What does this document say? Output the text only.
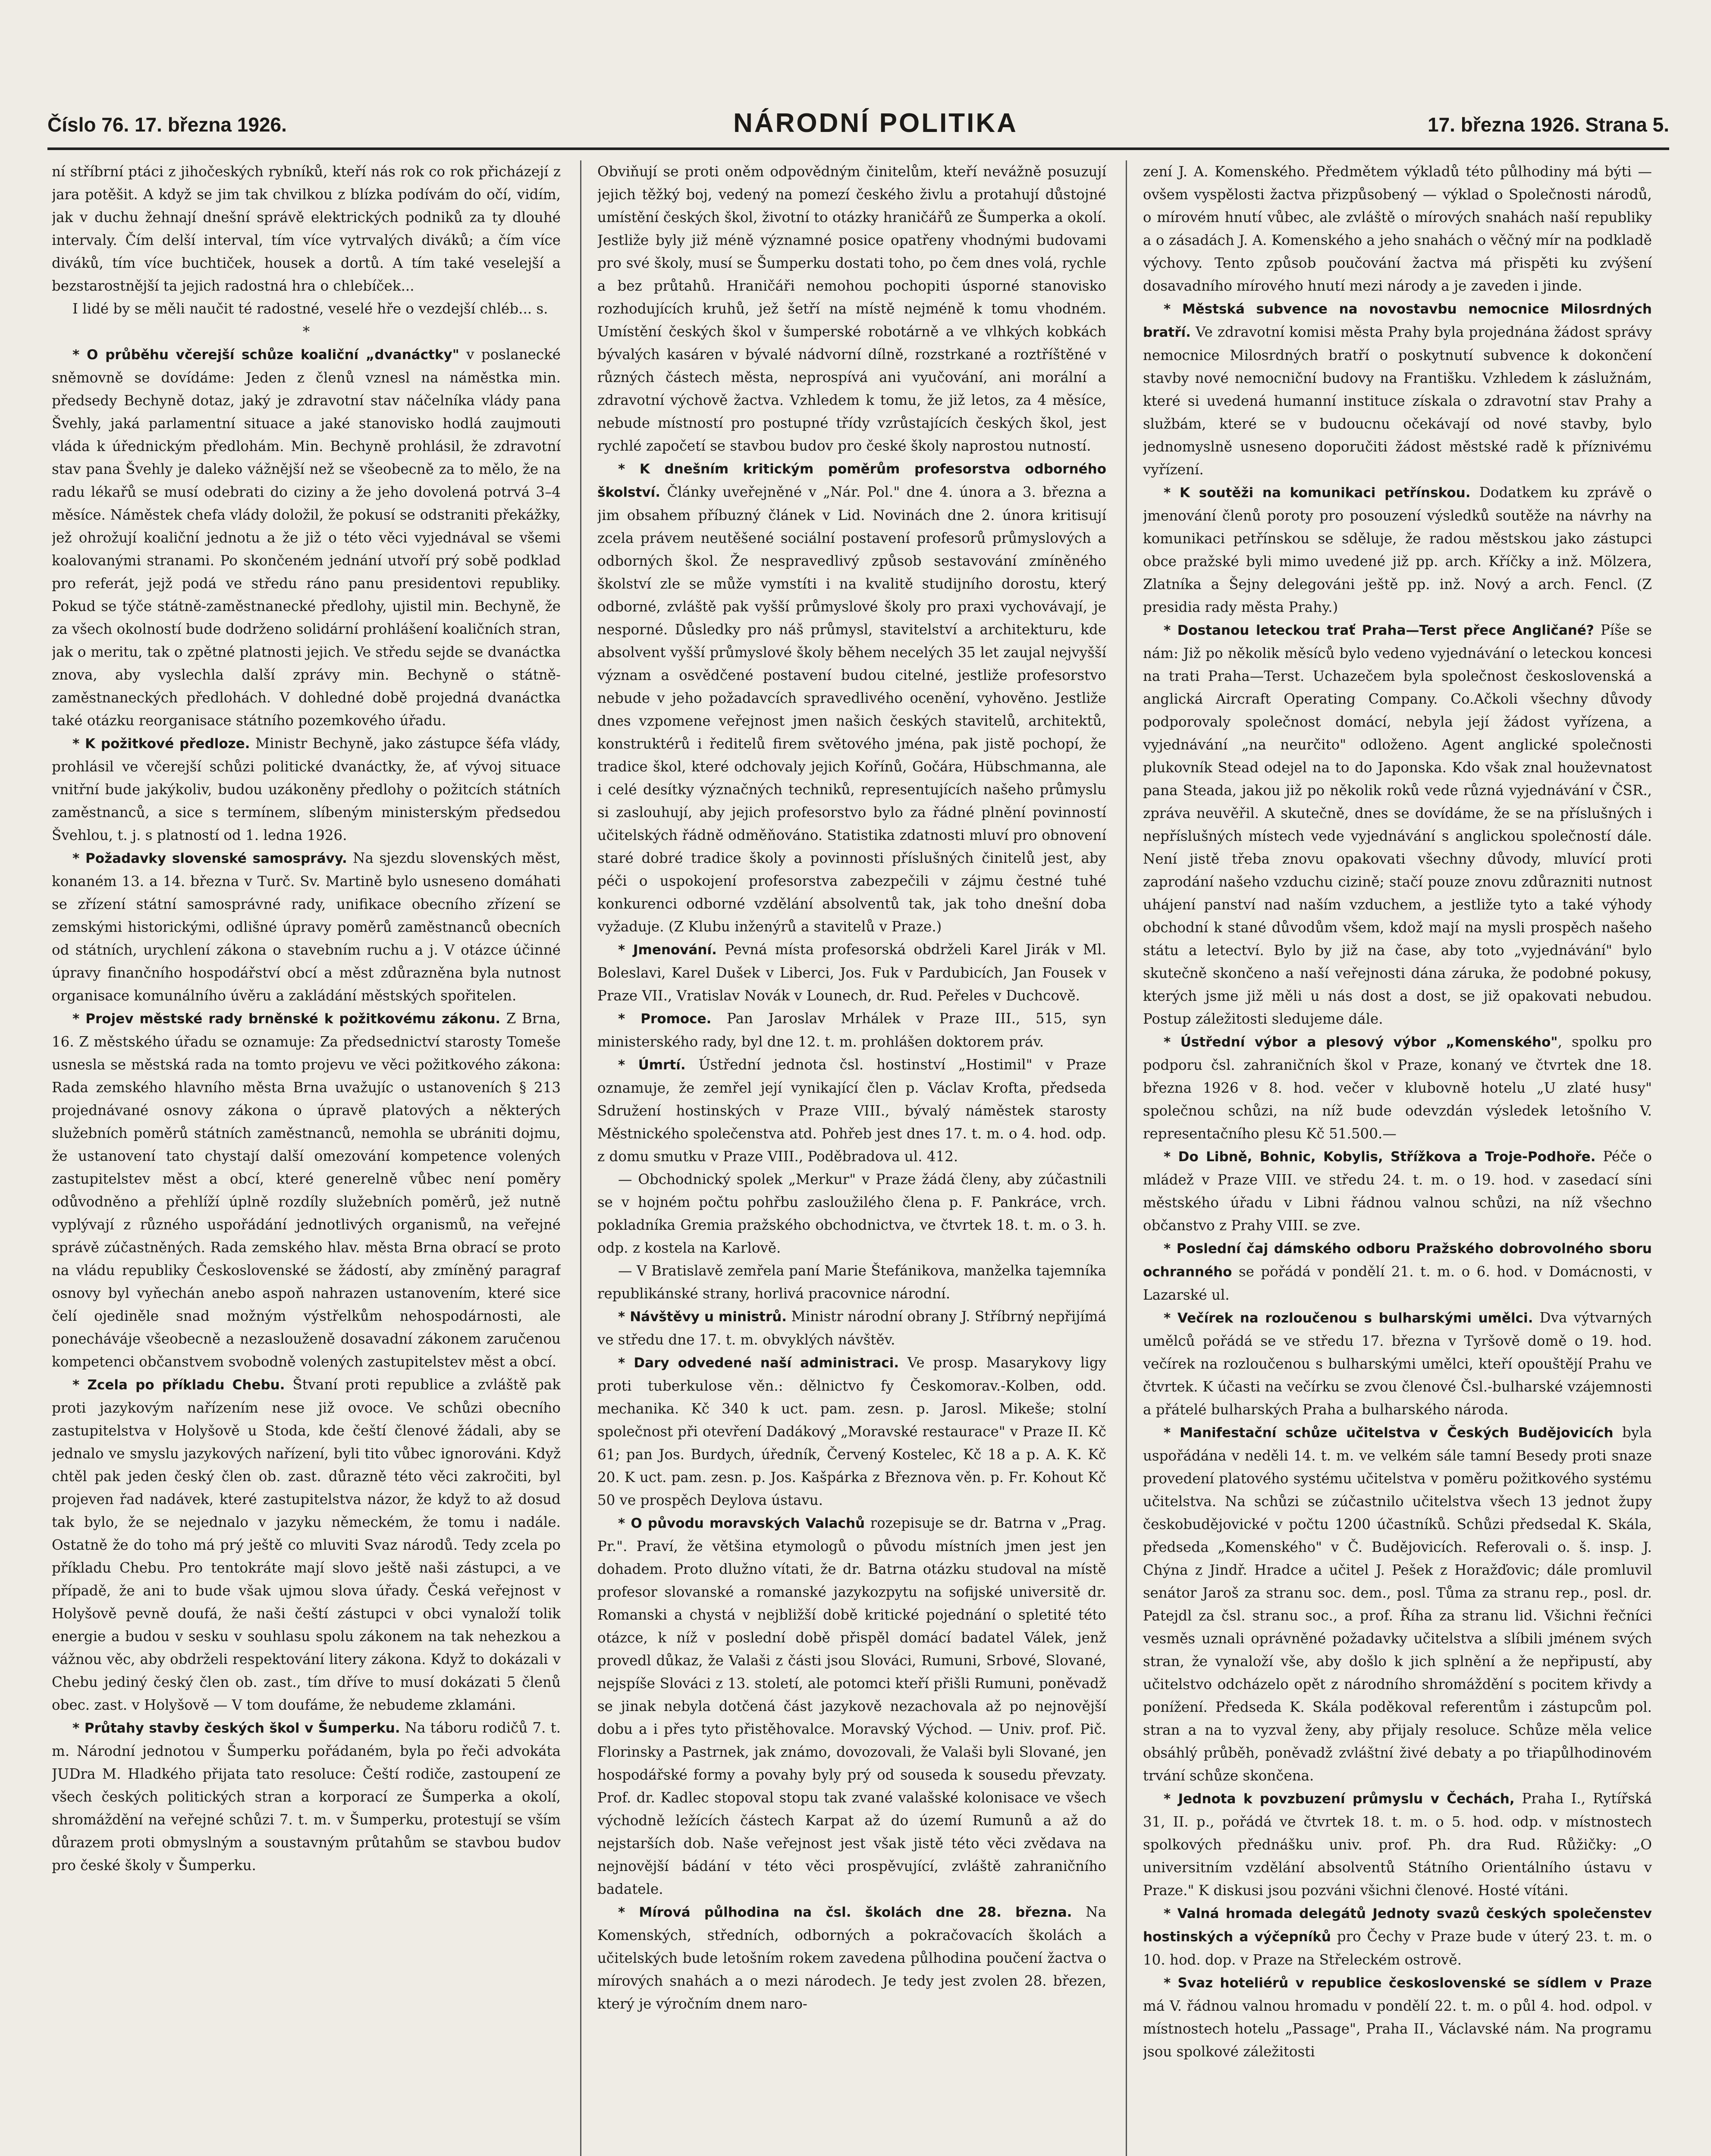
Číslo 76. 17. března 1926.	NÁRODNÍ POLITIKA	17. března 1926. Strana 5.

ní stříbrní ptáci z jihočeských rybníků, kteří nás rok co rok přicházejí z jara potěšit. A když se jim tak chvilkou z blízka podívám do očí, vidím, jak v duchu žehnají dnešní správě elektrických podniků za ty dlouhé intervaly. Čím delší interval, tím více vytrvalých diváků; a čím více diváků, tím více buchtiček, housek a dortů. A tím také veselejší a bezstarostnější ta jejich radostná hra o chlebíček...

I lidé by se měli naučit té radostné, veselé hře o vezdejší chléb... s.

*

* O průběhu včerejší schůze koaliční „dvanáctky" v poslanecké sněmovně se dovídáme: Jeden z členů vznesl na náměstka min. předsedy Bechyně dotaz, jaký je zdravotní stav náčelníka vlády pana Švehly, jaká parlamentní situace a jaké stanovisko hodlá zaujmouti vláda k úřednickým předlohám. Min. Bechyně prohlásil, že zdravotní stav pana Švehly je daleko vážnější než se všeobecně za to mělo, že na radu lékařů se musí odebrati do ciziny a že jeho dovolená potrvá 3–4 měsíce. Náměstek chefa vlády doložil, že pokusí se odstraniti překážky, jež ohrožují koaliční jednotu a že již o této věci vyjednával se všemi koalovanými stranami. Po skončeném jednání utvoří prý sobě podklad pro referát, jejž podá ve středu ráno panu presidentovi republiky. Pokud se týče státně-zaměstnanecké předlohy, ujistil min. Bechyně, že za všech okolností bude dodrženo solidární prohlášení koaličních stran, jak o meritu, tak o zpětné platnosti jejich. Ve středu sejde se dvanáctka znova, aby vyslechla další zprávy min. Bechyně o státně-zaměstnaneckých předlohách. V dohledné době projedná dvanáctka také otázku reorganisace státního pozemkového úřadu.

* K požitkové předloze. Ministr Bechyně, jako zástupce šéfa vlády, prohlásil ve včerejší schůzi politické dvanáctky, že, ať vývoj situace vnitřní bude jakýkoliv, budou uzákoněny předlohy o požitcích státních zaměstnanců, a sice s termínem, slíbeným ministerským předsedou Švehlou, t. j. s platností od 1. ledna 1926.

* Požadavky slovenské samosprávy. Na sjezdu slovenských měst, konaném 13. a 14. března v Turč. Sv. Martině bylo usneseno domáhati se zřízení státní samosprávné rady, unifikace obecního zřízení se zemskými historickými, odlišné úpravy poměrů zaměstnanců obecních od státních, urychlení zákona o stavebním ruchu a j. V otázce účinné úpravy finančního hospodářství obcí a měst zdůrazněna byla nutnost organisace komunálního úvěru a zakládání městských spořitelen.

* Projev městské rady brněnské k požitkovému zákonu. Z Brna, 16. Z městského úřadu se oznamuje: Za předsednictví starosty Tomeše usnesla se městská rada na tomto projevu ve věci požitkového zákona: Rada zemského hlavního města Brna uvažujíc o ustanoveních § 213 projednávané osnovy zákona o úpravě platových a některých služebních poměrů státních zaměstnanců, nemohla se ubrániti dojmu, že ustanovení tato chystají další omezování kompetence volených zastupitelstev měst a obcí, které generelně vůbec není poměry odůvodněno a přehlíží úplně rozdíly služebních poměrů, jež nutně vyplývají z různého uspořádání jednotlivých organismů, na veřejné správě zúčastněných. Rada zemského hlav. města Brna obrací se proto na vládu republiky Československé se žádostí, aby zmíněný paragraf osnovy byl vyňechán anebo aspoň nahrazen ustanovením, které sice čelí ojediněle snad možným výstřelkům nehospodárnosti, ale ponecháváje všeobecně a nezaslouženě dosavadní zákonem zaručenou kompetenci občanstvem svobodně volených zastupitelstev měst a obcí.

* Zcela po příkladu Chebu. Štvaní proti republice a zvláště pak proti jazykovým nařízením nese již ovoce. Ve schůzi obecního zastupitelstva v Holyšově u Stoda, kde čeští členové žádali, aby se jednalo ve smyslu jazykových nařízení, byli tito vůbec ignorováni. Když chtěl pak jeden český člen ob. zast. důrazně této věci zakročiti, byl projeven řad nadávek, které zastupitelstva názor, že když to až dosud tak bylo, že se nejednalo v jazyku německém, že tomu i nadále. Ostatně že do toho má prý ještě co mluviti Svaz národů. Tedy zcela po příkladu Chebu. Pro tentokráte mají slovo ještě naši zástupci, a ve případě, že ani to bude však ujmou slova úřady. Česká veřejnost v Holyšově pevně doufá, že naši čeští zástupci v obci vynaloží tolik energie a budou v sesku v souhlasu spolu zákonem na tak nehezkou a vážnou věc, aby obdrželi respektování litery zákona. Když to dokázali v Chebu jediný český člen ob. zast., tím dříve to musí dokázati 5 členů obec. zast. v Holyšově — V tom doufáme, že nebudeme zklamáni.

* Průtahy stavby českých škol v Šumperku. Na táboru rodičů 7. t. m. Národní jednotou v Šumperku pořádaném, byla po řeči advokáta JUDra M. Hladkého přijata tato resoluce: Čeští rodiče, zastoupení ze všech českých politických stran a korporací ze Šumperka a okolí, shromáždění na veřejné schůzi 7. t. m. v Šumperku, protestují se vším důrazem proti obmyslným a soustavným průtahům se stavbou budov pro české školy v Šumperku.

Obviňují se proti oněm odpovědným činitelům, kteří nevážně posuzují jejich těžký boj, vedený na pomezí českého živlu a protahují důstojné umístění českých škol, životní to otázky hraničářů ze Šumperka a okolí. Jestliže byly již méně významné posice opatřeny vhodnými budovami pro své školy, musí se Šumperku dostati toho, po čem dnes volá, rychle a bez průtahů. Hraničáři nemohou pochopiti úsporné stanovisko rozhodujících kruhů, jež šetří na místě nejméně k tomu vhodném. Umístění českých škol v šumperské robotárně a ve vlhkých kobkách bývalých kasáren v bývalé nádvorní dílně, rozstrkané a roztříštěné v různých částech města, neprospívá ani vyučování, ani morální a zdravotní výchově žactva. Vzhledem k tomu, že již letos, za 4 měsíce, nebude místností pro postupné třídy vzrůstajících českých škol, jest rychlé započetí se stavbou budov pro české školy naprostou nutností.

* K dnešním kritickým poměrům profesorstva odborného školství. Články uveřejněné v „Nár. Pol." dne 4. února a 3. března a jim obsahem příbuzný článek v Lid. Novinách dne 2. února kritisují zcela právem neutěšené sociální postavení profesorů průmyslových a odborných škol. Že nespravedlivý způsob sestavování zmíněného školství zle se může vymstíti i na kvalitě studijního dorostu, který odborné, zvláště pak vyšší průmyslové školy pro praxi vychovávají, je nesporné. Důsledky pro náš průmysl, stavitelství a architekturu, kde absolvent vyšší průmyslové školy během necelých 35 let zaujal nejvyšší význam a osvědčené postavení budou citelné, jestliže profesorstvo nebude v jeho požadavcích spravedlivého ocenění, vyhověno. Jestliže dnes vzpomene veřejnost jmen našich českých stavitelů, architektů, konstruktérů i ředitelů firem světového jména, pak jistě pochopí, že tradice škol, které odchovaly jejich Kořínů, Gočára, Hübschmanna, ale i celé desítky význačných techniků, representujících našeho průmyslu si zaslouhují, aby jejich profesorstvo bylo za řádné plnění povinností učitelských řádně odměňováno. Statistika zdatnosti mluví pro obnovení staré dobré tradice školy a povinnosti příslušných činitelů jest, aby péči o uspokojení profesorstva zabezpečili v zájmu čestné tuhé konkurenci odborné vzdělání absolventů tak, jak toho dnešní doba vyžaduje. (Z Klubu inženýrů a stavitelů v Praze.)

* Jmenování. Pevná místa profesorská obdrželi Karel Jirák v Ml. Boleslavi, Karel Dušek v Liberci, Jos. Fuk v Pardubicích, Jan Fousek v Praze VII., Vratislav Novák v Lounech, dr. Rud. Peřeles v Duchcově.

* Promoce. Pan Jaroslav Mrhálek v Praze III., 515, syn ministerského rady, byl dne 12. t. m. prohlášen doktorem práv.

* Úmrtí. Ústřední jednota čsl. hostinství „Hostimil" v Praze oznamuje, že zemřel její vynikající člen p. Václav Krofta, předseda Sdružení hostinských v Praze VIII., bývalý náměstek starosty Městnického společenstva atd. Pohřeb jest dnes 17. t. m. o 4. hod. odp. z domu smutku v Praze VIII., Poděbradova ul. 412.

— Obchodnický spolek „Merkur" v Praze žádá členy, aby zúčastnili se v hojném počtu pohřbu zasloužilého člena p. F. Pankráce, vrch. pokladníka Gremia pražského obchodnictva, ve čtvrtek 18. t. m. o 3. h. odp. z kostela na Karlově.

— V Bratislavě zemřela paní Marie Štefánikova, manželka tajemníka republikánské strany, horlivá pracovnice národní.

* Návštěvy u ministrů. Ministr národní obrany J. Stříbrný nepřijímá ve středu dne 17. t. m. obvyklých návštěv.

* Dary odvedené naší administraci. Ve prosp. Masarykovy ligy proti tuberkulose věn.: dělnictvo fy Českomorav.-Kolben, odd. mechanika. Kč 340 k uct. pam. zesn. p. Jarosl. Mikeše; stolní společnost při otevření Dadákový „Moravské restaurace" v Praze II. Kč 61; pan Jos. Burdych, úředník, Červený Kostelec, Kč 18 a p. A. K. Kč 20. K uct. pam. zesn. p. Jos. Kašpárka z Březnova věn. p. Fr. Kohout Kč 50 ve prospěch Deylova ústavu.

* O původu moravských Valachů rozepisuje se dr. Batrna v „Prag. Pr.". Praví, že většina etymologů o původu místních jmen jest jen dohadem. Proto dlužno vítati, že dr. Batrna otázku studoval na místě profesor slovanské a romanské jazykozpytu na sofijské universitě dr. Romanski a chystá v nejbližší době kritické pojednání o spletité této otázce, k níž v poslední době přispěl domácí badatel Válek, jenž provedl důkaz, že Valaši z části jsou Slováci, Rumuni, Srbové, Slované, nejspíše Slováci z 13. století, ale potomci kteří přišli Rumuni, poněvadž se jinak nebyla dotčená část jazykově nezachovala až po nejnovější dobu a i přes tyto přistěhovalce. Moravský Východ. — Univ. prof. Pič. Florinsky a Pastrnek, jak známo, dovozovali, že Valaši byli Slované, jen hospodářské formy a povahy byly prý od souseda k sousedu převzaty. Prof. dr. Kadlec stopoval stopu tak zvané valašské kolonisace ve všech východně ležících částech Karpat až do území Rumunů a až do nejstarších dob. Naše veřejnost jest však jistě této věci zvědava na nejnovější bádání v této věci prospěvující, zvláště zahraničního badatele.

* Mírová půlhodina na čsl. školách dne 28. března. Na Komenských, středních, odborných a pokračovacích školách a učitelských bude letošním rokem zavedena půlhodina poučení žactva o mírových snahách a o mezi národech. Je tedy jest zvolen 28. březen, který je výročním dnem naro-

zení J. A. Komenského. Předmětem výkladů této půlhodiny má býti — ovšem vyspělosti žactva přizpůsobený — výklad o Společnosti národů, o mírovém hnutí vůbec, ale zvláště o mírových snahách naší republiky a o zásadách J. A. Komenského a jeho snahách o věčný mír na podkladě výchovy. Tento způsob poučování žactva má přispěti ku zvýšení dosavadního mírového hnutí mezi národy a je zaveden i jinde.

* Městská subvence na novostavbu nemocnice Milosrdných bratří. Ve zdravotní komisi města Prahy byla projednána žádost správy nemocnice Milosrdných bratří o poskytnutí subvence k dokončení stavby nové nemocniční budovy na Františku. Vzhledem k záslužnám, které si uvedená humanní instituce získala o zdravotní stav Prahy a službám, které se v budoucnu očekávají od nové stavby, bylo jednomyslně usneseno doporučiti žádost městské radě k příznivému vyřízení.

* K soutěži na komunikaci petřínskou. Dodatkem ku zprávě o jmenování členů poroty pro posouzení výsledků soutěže na návrhy na komunikaci petřínskou se sděluje, že radou městskou jako zástupci obce pražské byli mimo uvedené již pp. arch. Kříčky a inž. Mölzera, Zlatníka a Šejny delegováni ještě pp. inž. Nový a arch. Fencl. (Z presidia rady města Prahy.)

* Dostanou leteckou trať Praha—Terst přece Angličané? Píše se nám: Již po několik měsíců bylo vedeno vyjednávání o leteckou koncesi na trati Praha—Terst. Uchazečem byla společnost československá a anglická Aircraft Operating Company. Co.Ačkoli všechny důvody podporovaly společnost domácí, nebyla její žádost vyřízena, a vyjednávání „na neurčito" odloženo. Agent anglické společnosti plukovník Stead odejel na to do Japonska. Kdo však znal houževnatost pana Steada, jakou již po několik roků vede různá vyjednávání v ČSR., zpráva neuvěřil. A skutečně, dnes se dovídáme, že se na příslušných i nepříslušných místech vede vyjednávání s anglickou společností dále. Není jistě třeba znovu opakovati všechny důvody, mluvící proti zaprodání našeho vzduchu cizině; stačí pouze znovu zdůrazniti nutnost uhájení panství nad naším vzduchem, a jestliže tyto a také výhody obchodní k stané důvodům všem, kdož mají na mysli prospěch našeho státu a letectví. Bylo by již na čase, aby toto „vyjednávání" bylo skutečně skončeno a naší veřejnosti dána záruka, že podobné pokusy, kterých jsme již měli u nás dost a dost, se již opakovati nebudou. Postup záležitosti sledujeme dále.

* Ústřední výbor a plesový výbor „Komenského", spolku pro podporu čsl. zahraničních škol v Praze, konaný ve čtvrtek dne 18. března 1926 v 8. hod. večer v klubovně hotelu „U zlaté husy" společnou schůzi, na níž bude odevzdán výsledek letošního V. representačního plesu Kč 51.500.—

* Do Libně, Bohnic, Kobylis, Střížkova a Troje-Podhoře. Péče o mládež v Praze VIII. ve středu 24. t. m. o 19. hod. v zasedací síni městského úřadu v Libni řádnou valnou schůzi, na níž všechno občanstvo z Prahy VIII. se zve.

* Poslední čaj dámského odboru Pražského dobrovolného sboru ochranného se pořádá v pondělí 21. t. m. o 6. hod. v Domácnosti, v Lazarské ul.

* Večírek na rozloučenou s bulharskými umělci. Dva výtvarných umělců pořádá se ve středu 17. března v Tyršově domě o 19. hod. večírek na rozloučenou s bulharskými umělci, kteří opouštějí Prahu ve čtvrtek. K účasti na večírku se zvou členové Čsl.-bulharské vzájemnosti a přátelé bulharských Praha a bulharského národa.

* Manifestační schůze učitelstva v Českých Budějovicích byla uspořádána v neděli 14. t. m. ve velkém sále tamní Besedy proti snaze provedení platového systému učitelstva v poměru požitkového systému učitelstva. Na schůzi se zúčastnilo učitelstva všech 13 jednot župy českobudějovické v počtu 1200 účastníků. Schůzi předsedal K. Skála, předseda „Komenského" v Č. Budějovicích. Referovali o. š. insp. J. Chýna z Jindř. Hradce a učitel J. Pešek z Horažďovic; dále promluvil senátor Jaroš za stranu soc. dem., posl. Tůma za stranu rep., posl. dr. Patejdl za čsl. stranu soc., a prof. Říha za stranu lid. Všichni řečníci vesměs uznali oprávněné požadavky učitelstva a slíbili jménem svých stran, že vynaloží vše, aby došlo k jich splnění a že nepřipustí, aby učitelstvo odcházelo opět z národního shromáždění s pocitem křivdy a ponížení. Předseda K. Skála poděkoval referentům i zástupcům pol. stran a na to vyzval ženy, aby přijaly resoluce. Schůze měla velice obsáhlý průběh, poněvadž zvláštní živé debaty a po třiapůlhodinovém trvání schůze skončena.

* Jednota k povzbuzení průmyslu v Čechách, Praha I., Rytířská 31, II. p., pořádá ve čtvrtek 18. t. m. o 5. hod. odp. v místnostech spolkových přednášku univ. prof. Ph. dra Rud. Růžičky: „O universitním vzdělání absolventů Státního Orientálního ústavu v Praze." K diskusi jsou pozváni všichni členové. Hosté vítáni.

* Valná hromada delegátů Jednoty svazů českých společenstev hostinských a výčepníků pro Čechy v Praze bude v úterý 23. t. m. o 10. hod. dop. v Praze na Střeleckém ostrově.

* Svaz hoteliérů v republice československé se sídlem v Praze má V. řádnou valnou hromadu v pondělí 22. t. m. o půl 4. hod. odpol. v místnostech hotelu „Passage", Praha II., Václavské nám. Na programu jsou spolkové záležitosti
